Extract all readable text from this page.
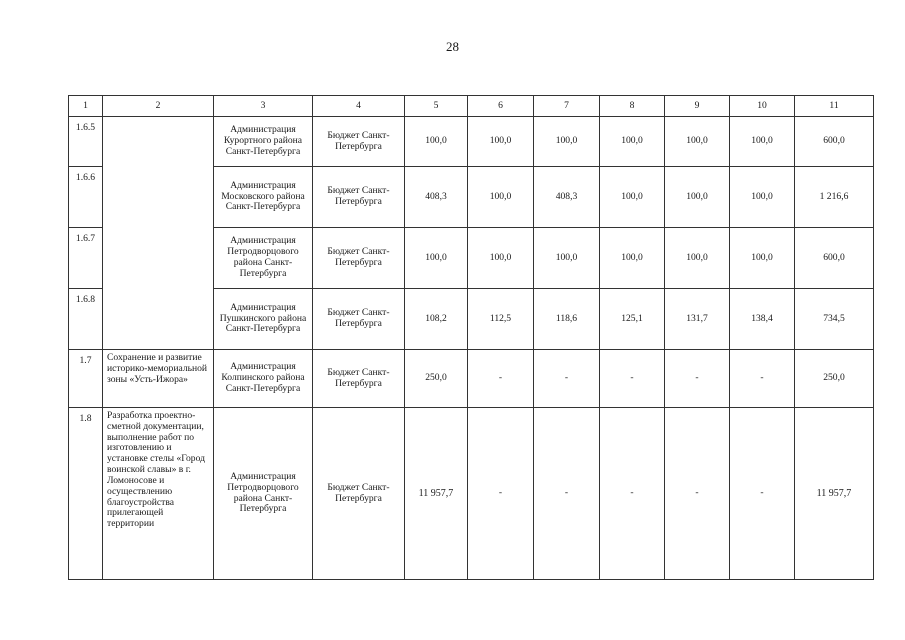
28
1	2	3	4	5	6	7	8	9	10	11
1.6.5		Администрация Курортного района Санкт-Петербурга	Бюджет Санкт-Петербурга	100,0	100,0	100,0	100,0	100,0	100,0	600,0
1.6.6		Администрация Московского района Санкт-Петербурга	Бюджет Санкт-Петербурга	408,3	100,0	408,3	100,0	100,0	100,0	1 216,6
1.6.7		Администрация Петродворцового района Санкт-Петербурга	Бюджет Санкт-Петербурга	100,0	100,0	100,0	100,0	100,0	100,0	600,0
1.6.8		Администрация Пушкинского района Санкт-Петербурга	Бюджет Санкт-Петербурга	108,2	112,5	118,6	125,1	131,7	138,4	734,5
1.7	Сохранение и развитие историко-мемориальной зоны «Усть-Ижора»	Администрация Колпинского района Санкт-Петербурга	Бюджет Санкт-Петербурга	250,0	-	-	-	-	-	250,0
1.8	Разработка проектно-сметной документации, выполнение работ по изготовлению и установке стелы «Город воинской славы» в г. Ломоносове и осуществлению благоустройства прилегающей территории	Администрация Петродворцового района Санкт-Петербурга	Бюджет Санкт-Петербурга	11 957,7	-	-	-	-	-	11 957,7
